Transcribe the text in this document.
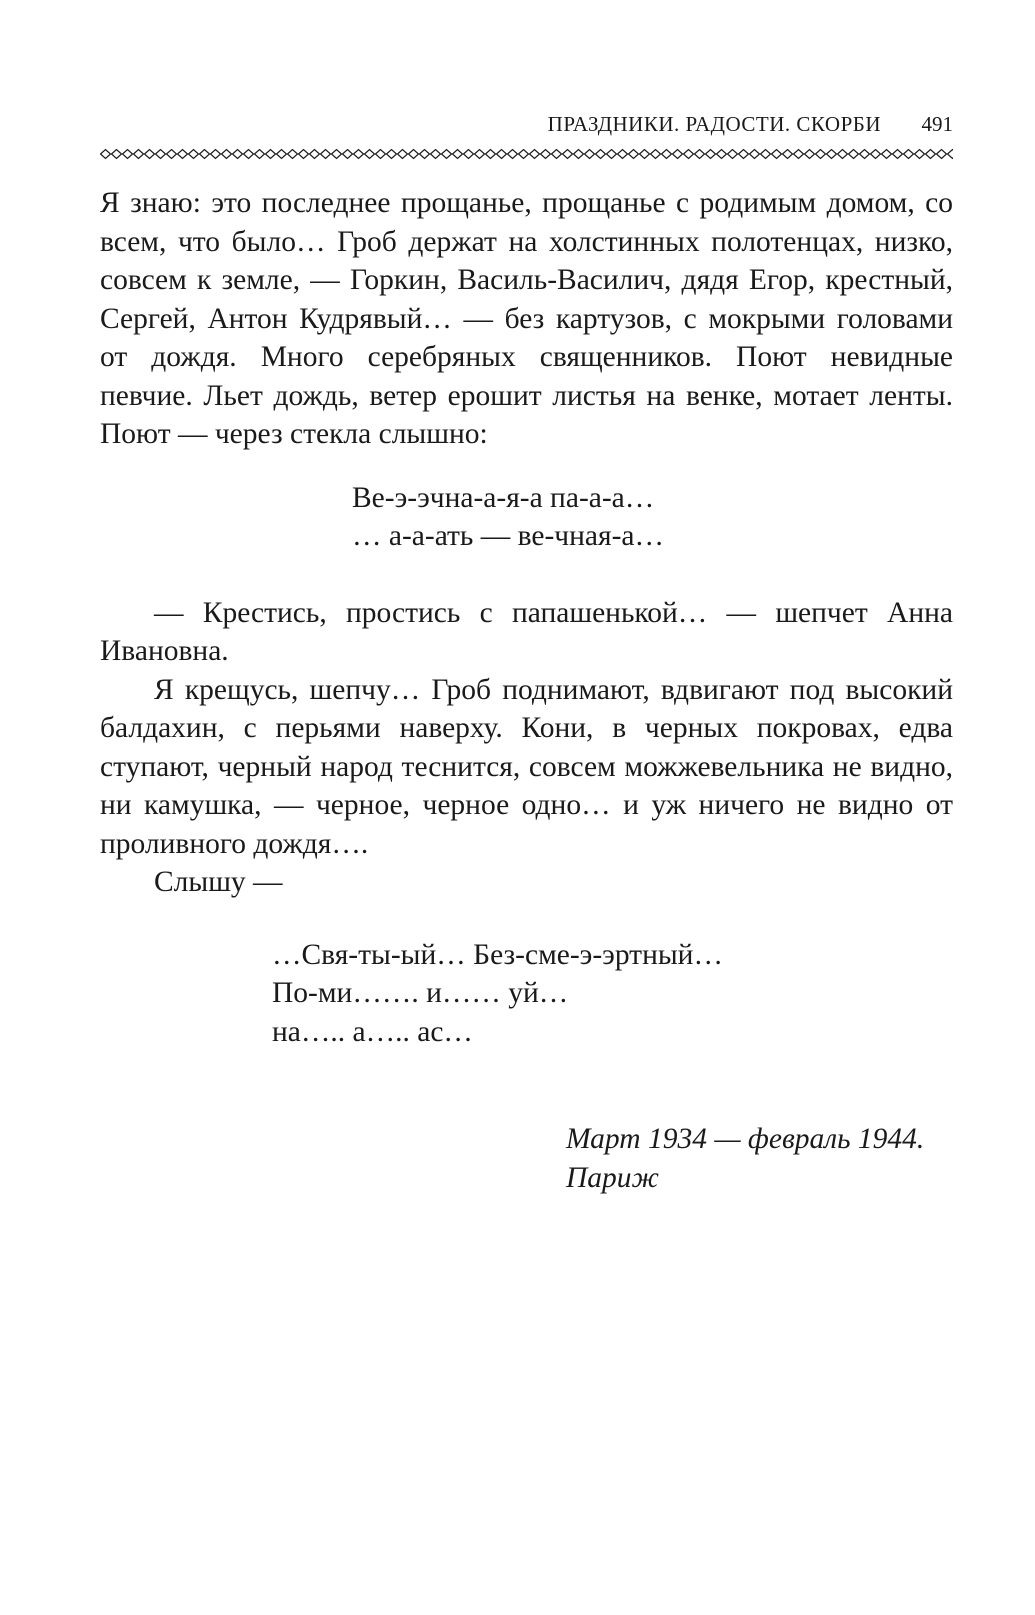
ПРАЗДНИКИ. РАДОСТИ. СКОРБИ 491

Я знаю: это последнее прощанье, прощанье с родимым домом, со всем, что было… Гроб держат на холстинных полотенцах, низко, совсем к земле, — Горкин, Василь-Василич, дядя Егор, крестный, Сергей, Антон Кудрявый… — без картузов, с мокрыми головами от дождя. Много серебряных священников. Поют невидные певчие. Льет дождь, ветер ерошит листья на венке, мотает ленты. Поют — через стекла слышно:

Ве-э-эчна-а-я-а па-а-а…
… а-а-ать — ве-чная-а…

— Крестись, простись с папашенькой… — шепчет Анна Ивановна.

Я крещусь, шепчу… Гроб поднимают, вдвигают под высокий балдахин, с перьями наверху. Кони, в черных покровах, едва ступают, черный народ теснится, совсем можжевельника не видно, ни камушка, — черное, черное одно… и уж ничего не видно от проливного дождя….

Слышу —

…Свя-ты-ый… Без-сме-э-эртный…
По-ми……. и…… уй…
на….. а….. ас…
Март 1934 — февраль 1944.
Париж
